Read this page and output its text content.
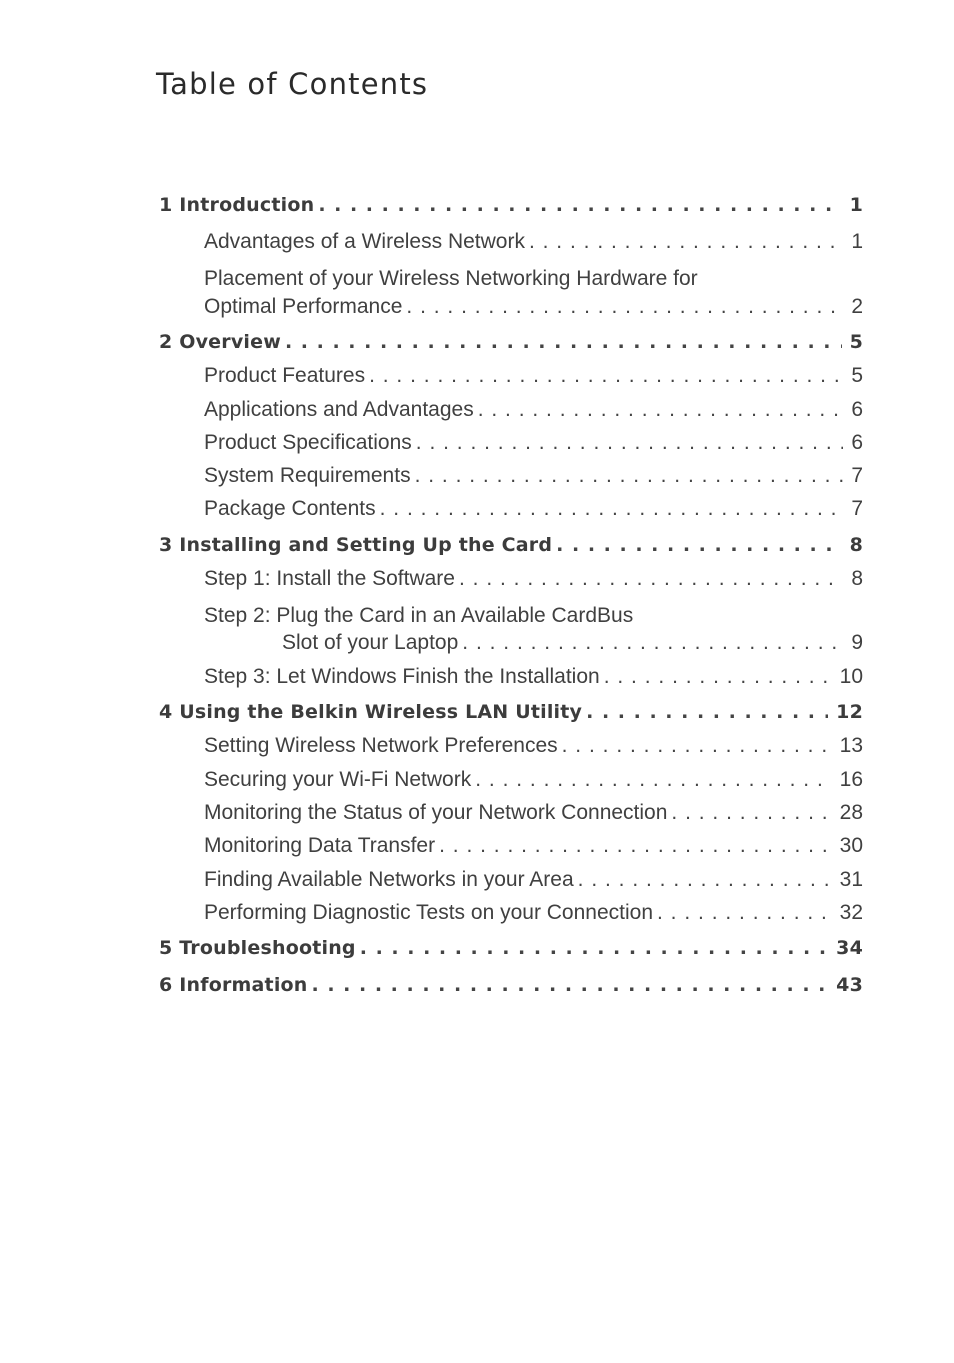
Table of Contents
1 Introduction . . .	1
Advantages of a Wireless Network . . .	1
Placement of your Wireless Networking Hardware for
Optimal Performance . . .	2
2 Overview . . .	5
Product Features . . .	5
Applications and Advantages . . .	6
Product Specifications . . .	6
System Requirements . . .	7
Package Contents . . .	7
3 Installing and Setting Up the Card . . .	8
Step 1: Install the Software . . .	8
Step 2: Plug the Card in an Available CardBus
Slot of your Laptop . . .	9
Step 3: Let Windows Finish the Installation . . .	10
4 Using the Belkin Wireless LAN Utility . . .	12
Setting Wireless Network Preferences . . .	13
Securing your Wi-Fi Network . . .	16
Monitoring the Status of your Network Connection . . .	28
Monitoring Data Transfer . . .	30
Finding Available Networks in your Area . . .	31
Performing Diagnostic Tests on your Connection . . .	32
5 Troubleshooting . . .	34
6 Information . . .	43
